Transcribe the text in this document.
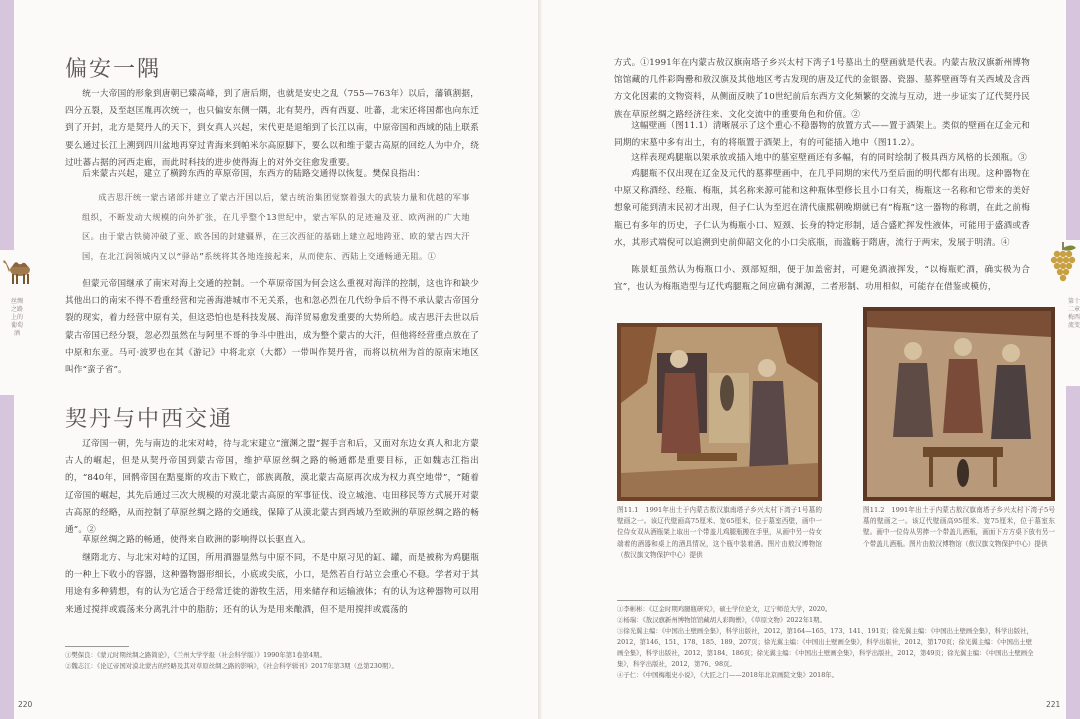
丝绸之路上的葡萄酒
偏安一隅

统一大帝国的形象到唐朝已臻高峰，到了唐后期，也就是安史之乱（755—763年）以后，藩镇割据，四分五裂，及至赵匡胤再次统一，也只偏安东侧一隅，北有契丹，西有西夏、吐蕃，北宋还将国都也向东迁到了开封，北方是契丹人的天下，到女真人兴起，宋代更是退缩到了长江以南，中原帝国和西域的陆上联系要么通过长江上溯到四川盆地再穿过青海来到帕米尔高原脚下，要么以和维于蒙古高原的回纥人为中介，绕过吐蕃占据的河西走廊，而此时科技的进步使得海上的对外交往愈发重要。

后来蒙古兴起，建立了横跨东西的草原帝国，东西方的陆路交通得以恢复。樊保良指出：

成吉思汗统一蒙古诸部并建立了蒙古汗国以后，蒙古统治集团觉察着强大的武装力量和优越的军事组织，不断发动大规模的向外扩张，在几乎整个13世纪中，蒙古军队的足迹遍及亚、欧两洲的广大地区。由于蒙古铁骑冲破了亚、欧各国的封建疆界，在三次西征的基础上建立起地跨亚、欧的蒙古四大汗国，在北江润领城内又以“驿站”系统将其各地连接起来，从而使东、西陆上交通畅通无阻。①

但蒙元帝国继承了南宋对海上交通的控制。一个草原帝国为何会这么重视对海洋的控制，这也许和缺少其他出口的南宋不得不看重经营和完善海港城市不无关系，也和忽必烈在几代纷争后不得不承认蒙古帝国分裂的现实，着力经营中原有关，但这恐怕也是科技发展、海洋贸易愈发重要的大势所趋。成吉思汗去世以后蒙古帝国已经分裂，忽必烈虽然在与阿里不哥的争斗中胜出，成为整个蒙古的大汗，但他将经营重点放在了中原和东亚。马可·波罗也在其《游记》中将北京（大都）一带叫作契丹省，而将以杭州为首的原南宋地区叫作“蛮子省”。

契丹与中西交通

辽帝国一朝，先与南边的北宋对峙，待与北宋建立“澶渊之盟”握手言和后，又面对东边女真人和北方蒙古人的崛起，但是从契丹帝国到蒙古帝国，维护草原丝绸之路的畅通都是重要目标，正如魏志江指出的，“840年，回鹘帝国在黠戛斯的攻击下败亡，部族离散，漠北蒙古高原再次成为权力真空地带”，“随着辽帝国的崛起，其先后通过三次大规模的对漠北蒙古高原的军事征伐、设立城池、屯田移民等方式展开对蒙古高原的经略，从而控制了草原丝绸之路的交通线，保障了从漠北蒙古到西域乃至欧洲的草原丝绸之路的畅通”。②

草原丝绸之路的畅通，使得来自欧洲的影响得以长驱直入。

继隋北方、与北宋对峙的辽国，所用酒器显然与中原不同，不是中原习见的缸、罐，而是被称为鸡腿瓶的一种上下收小的容器，这种器物器形细长，小底或尖底，小口，是然若自行站立会重心不稳。学者对于其用途有多种猜想，有的认为它适合于经常迁徙的游牧生活，用来储存和运输液体；有的认为这种器物可以用来通过搅拌或震荡来分离乳汁中的脂肪；还有的认为是用来酿酒，但不是用搅拌或震荡的

①樊保良：《蒙元时期丝绸之路简论》，《兰州大学学报（社会科学版）》1990年第1卷第4期。

②魏志江：《论辽帝国对漠北蒙古的经略及其对草原丝绸之路的影响》，《社会科学辑刊》2017年第3期（总第230期）。

220
第十二章　梅西流变

方式。①1991年在内蒙古敖汉旗南塔子乡兴太村下湾子1号墓出土的壁画就是代表。内蒙古敖汉旗新州博物馆馆藏的几件彩陶罍和敖汉旗及其他地区考古发现的唐及辽代的金银器、瓷器、墓葬壁画等有关西域及含西方文化因素的文物资料，从侧面反映了10世纪前后东西方文化频繁的交流与互动，进一步证实了辽代契丹民族在草原丝绸之路经济往来、文化交流中的重要角色和价值。②

这幅壁画（图11.1）清晰展示了这个重心不稳器物的放置方式——置于酒架上。类似的壁画在辽金元和同期的宋墓中多有出土，有的将瓶置于酒架上，有的可能插入地中（图11.2）。

这样表现鸡腿瓶以架承放或插入地中的墓室壁画还有多幅，有的同时绘制了极具西方风格的长颈瓶。③

鸡腿瓶不仅出现在辽金及元代的墓葬壁画中，在几乎同期的宋代乃至后面的明代都有出现。这种器物在中原又称酒经、经瓶、梅瓶，其名称来源可能和这种瓶体型修长且小口有关，梅瓶这一名称和它带来的美好想象可能到清末民初才出现，但子仁认为至迟在清代康熙朝晚期就已有“梅瓶”这一器物的称谓，在此之前梅瓶已有多年的历史，子仁认为梅瓶小口、短颈、长身的特定形制，适合盛贮挥发性液体，可能用于盛酒或香水，其形式端倪可以追溯到史前仰韶文化的小口尖底瓶，而滥觞于隋唐，流行于两宋，发展于明清。④

陈景虹虽然认为梅瓶口小、颈部短细，便于加盖密封，可避免酒液挥发，“以梅瓶贮酒，确实极为合宜”，也认为梅瓶造型与辽代鸡腿瓶之间应确有渊源，二者形制、功用相似，可能存在借鉴或模仿，

图11.1　1991年出土于内蒙古敖汉旗南塔子乡兴太村下湾子1号墓的壁画之一。该辽代壁画高75厘米、宽65厘米，位于墓室西壁，画中一位侍女双从酒瓶架上取出一个带盖儿鸡腿瓶搬在手里，从画中另一侍女端着的酒器和桌上的酒具情况，这个瓶中装着酒。图片由敖汉博物馆（敖汉旗文物保护中心）提供

图11.2　1991年出土于内蒙古敖汉旗南塔子乡兴太村下湾子5号墓的壁画之一。该辽代壁画高95厘米、宽75厘米，位于墓室东壁。画中一位侍从男捧一个带盖儿酒瓶，画面下方方桌下放有另一个带盖儿酒瓶。图片由敖汉博物馆（敖汉旗文物保护中心）提供

①李彬彬：《辽金时期鸡腿瓶研究》，硕士学位论文，辽宁师范大学，2020。

②杨瑞：《敖汉旗新州博物馆馆藏胡人彩陶罍》，《草原文物》2022年1期。

③徐光翼主编：《中国出土壁画全集》，科学出版社，2012，第164—165、173、141、191页；徐光翼主编：《中国出土壁画全集》，科学出版社，2012，第146、151、178、185、189、207页；徐光翼主编：《中国出土壁画全集》，科学出版社，2012，第170页；徐光翼主编：《中国出土壁画全集》，科学出版社，2012，第184、186页；徐光翼主编：《中国出土壁画全集》，科学出版社，2012，第49页；徐光翼主编：《中国出土壁画全集》，科学出版社，2012，第76、98页。

④子仁：《中国梅瓶史小说》，《大匠之门——2018年北京画院文集》2018年。

221
